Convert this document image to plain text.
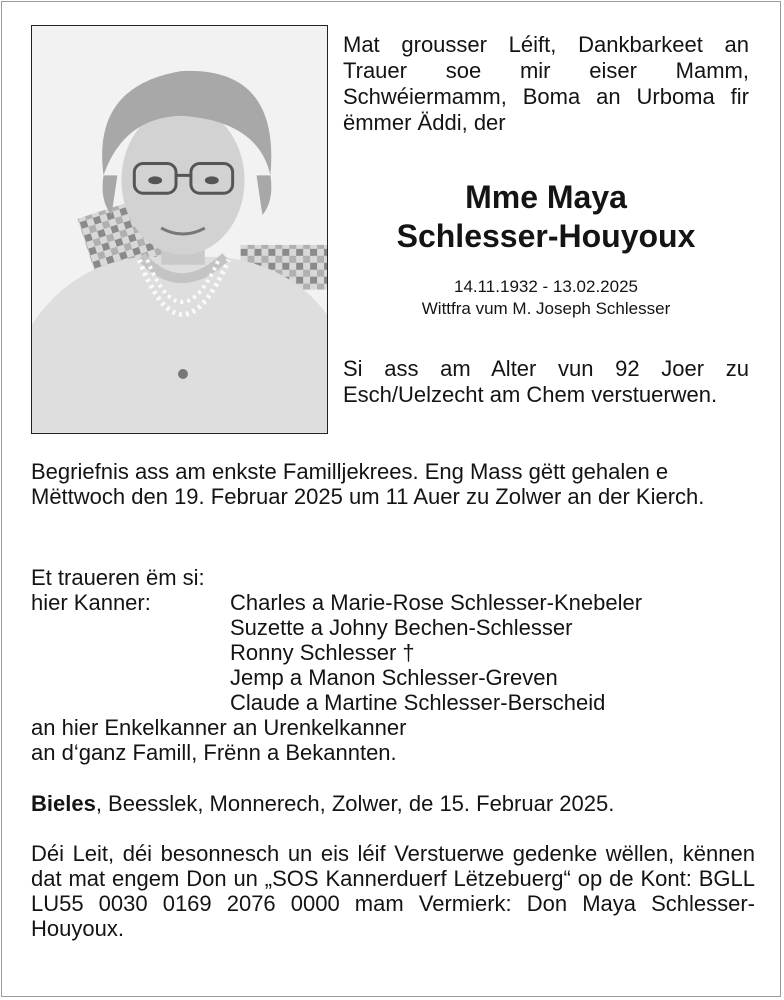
Mat grousser Léift, Dankbarkeet an Trauer soe mir eiser Mamm, Schwéiermamm, Boma an Urboma fir ëmmer Äddi, der
Mme Maya
Schlesser-Houyoux
14.11.1932 - 13.02.2025
Wittfra vum M. Joseph Schlesser
Si ass am Alter vun 92 Joer zu Esch/Uelzecht am Chem verstuerwen.
Begriefnis ass am enkste Familljekrees. Eng Mass gëtt gehalen e Mëttwoch den 19. Februar 2025 um 11 Auer zu Zolwer an der Kierch.
Et traueren ëm si:
hier Kanner:	Charles a Marie-Rose Schlesser-Knebeler
Suzette a Johny Bechen-Schlesser
Ronny Schlesser †
Jemp a Manon Schlesser-Greven
Claude a Martine Schlesser-Berscheid
an hier Enkelkanner an Urenkelkanner
an d‘ganz Famill, Frënn a Bekannten.
Bieles, Beesslek, Monnerech, Zolwer, de 15. Februar 2025.
Déi Leit, déi besonnesch un eis léif Verstuerwe gedenke wëllen, kënnen dat mat engem Don un „SOS Kannerduerf Lëtzebuerg“ op de Kont: BGLL LU55 0030 0169 2076 0000 mam Vermierk: Don Maya Schlesser-Houyoux.
